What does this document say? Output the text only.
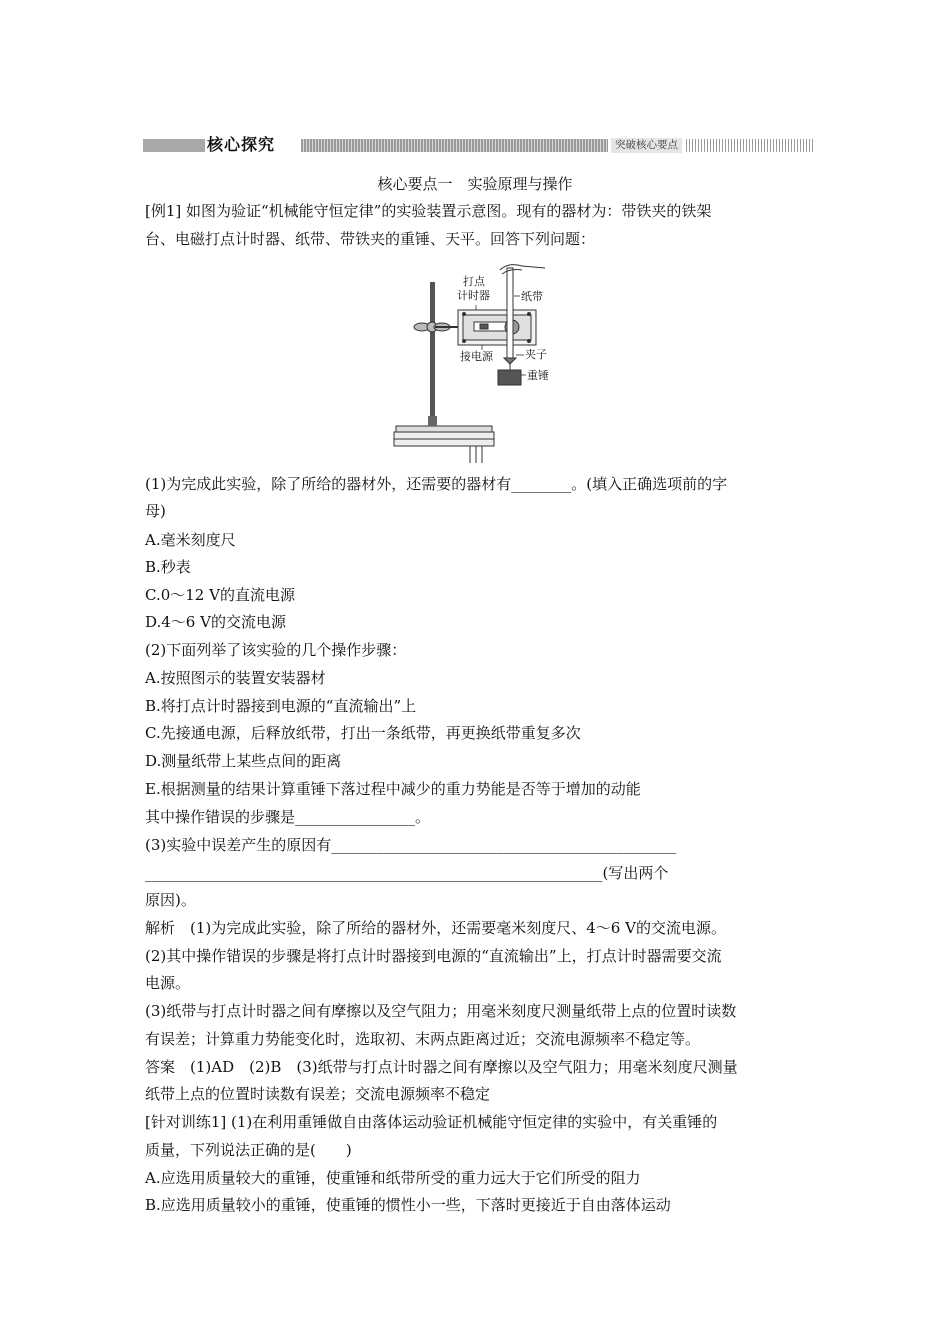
核心探究	突破核心要点
核心要点一　实验原理与操作
[例1] 如图为验证“机械能守恒定律”的实验装置示意图。现有的器材为：带铁夹的铁架
台、电磁打点计时器、纸带、带铁夹的重锤、天平。回答下列问题：
打点
计时器	纸带
接电源	夹子
重锤
(1)为完成此实验，除了所给的器材外，还需要的器材有________。(填入正确选项前的字
母)
A.毫米刻度尺
B.秒表
C.0～12 V的直流电源
D.4～6 V的交流电源
(2)下面列举了该实验的几个操作步骤：
A.按照图示的装置安装器材
B.将打点计时器接到电源的“直流输出”上
C.先接通电源，后释放纸带，打出一条纸带，再更换纸带重复多次
D.测量纸带上某些点间的距离
E.根据测量的结果计算重锤下落过程中减少的重力势能是否等于增加的动能
其中操作错误的步骤是________________。
(3)实验中误差产生的原因有______________________________________________
_____________________________________________________________(写出两个
原因)。
解析　(1)为完成此实验，除了所给的器材外，还需要毫米刻度尺、4～6 V的交流电源。
(2)其中操作错误的步骤是将打点计时器接到电源的“直流输出”上，打点计时器需要交流
电源。
(3)纸带与打点计时器之间有摩擦以及空气阻力；用毫米刻度尺测量纸带上点的位置时读数
有误差；计算重力势能变化时，选取初、末两点距离过近；交流电源频率不稳定等。
答案　(1)AD　(2)B　(3)纸带与打点计时器之间有摩擦以及空气阻力；用毫米刻度尺测量
纸带上点的位置时读数有误差；交流电源频率不稳定
[针对训练1] (1)在利用重锤做自由落体运动验证机械能守恒定律的实验中，有关重锤的
质量，下列说法正确的是(　　)
A.应选用质量较大的重锤，使重锤和纸带所受的重力远大于它们所受的阻力
B.应选用质量较小的重锤，使重锤的惯性小一些，下落时更接近于自由落体运动
